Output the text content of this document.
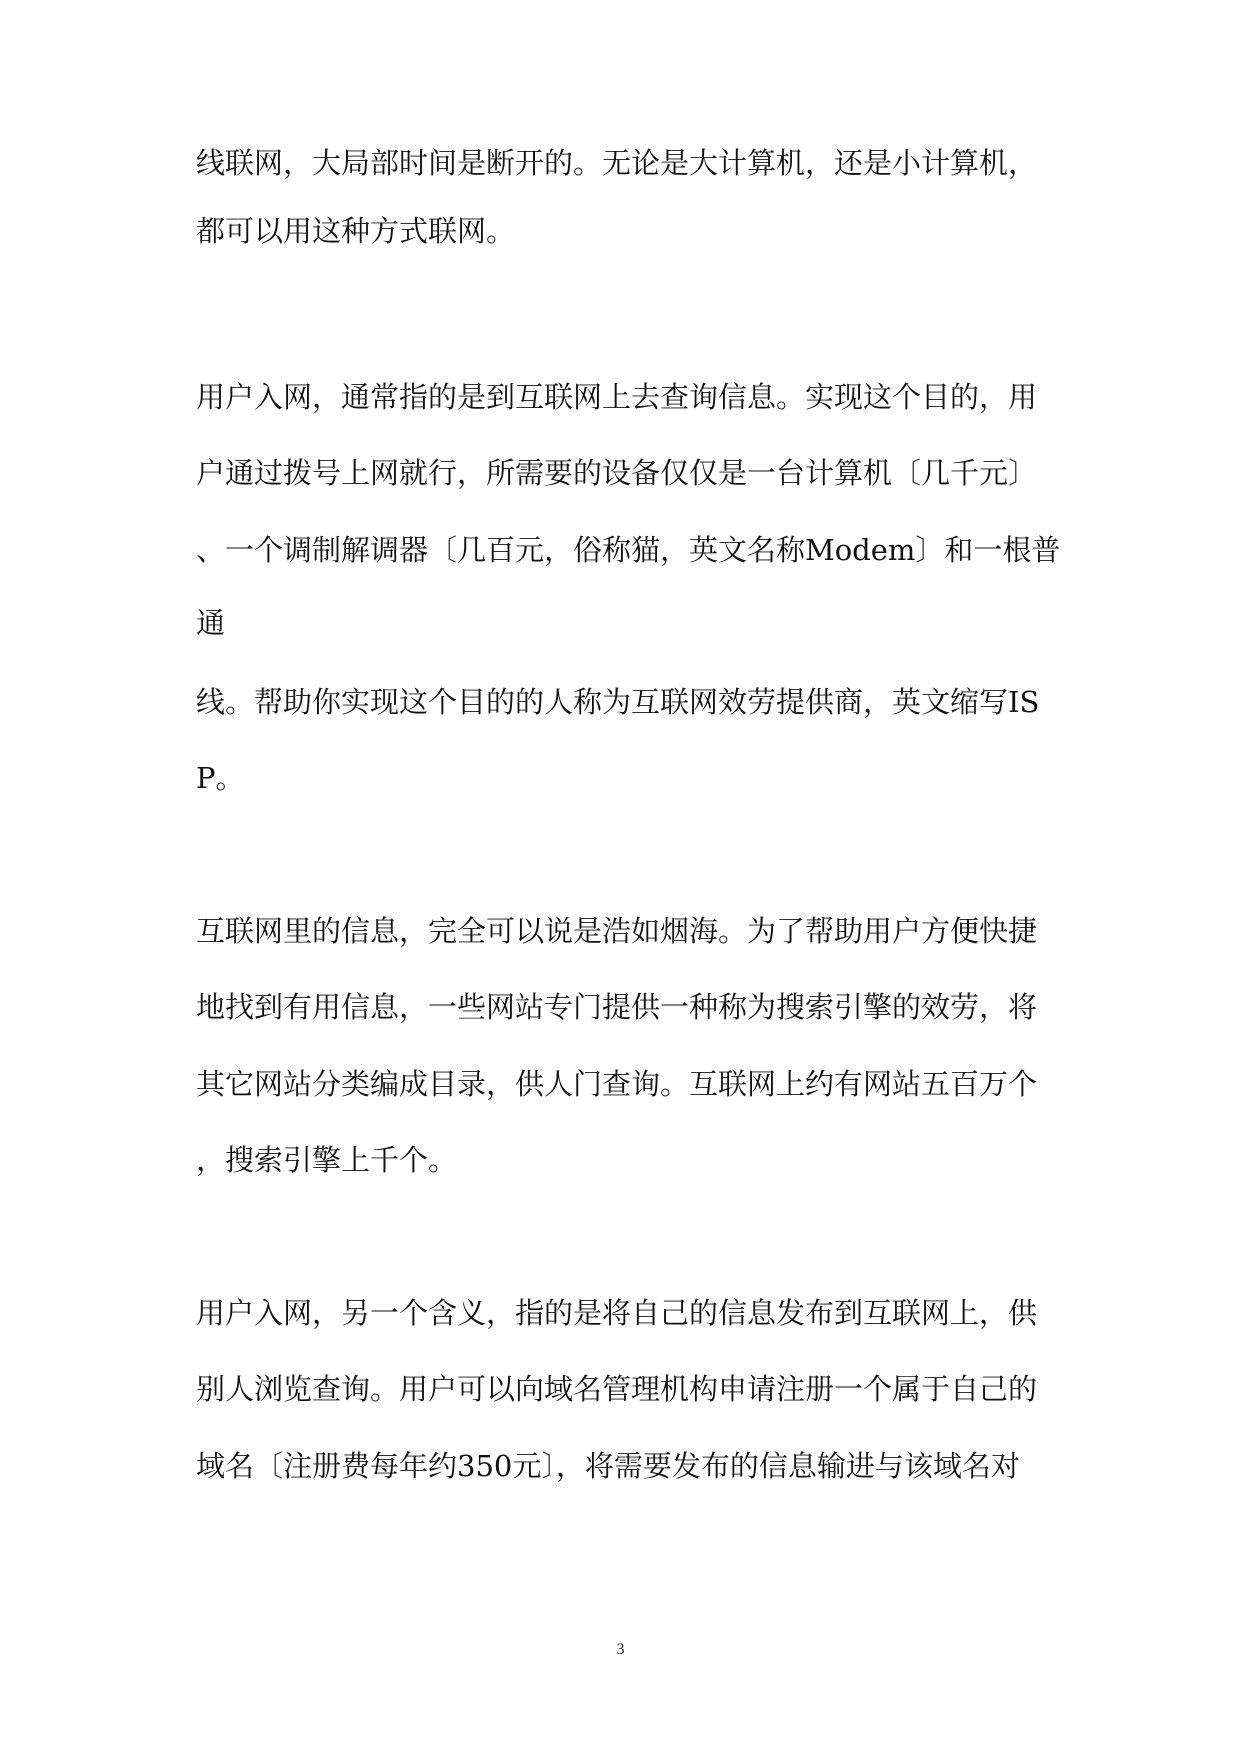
线联网，大局部时间是断开的。无论是大计算机，还是小计算机，
都可以用这种方式联网。
用户入网，通常指的是到互联网上去查询信息。实现这个目的，用
户通过拨号上网就行，所需要的设备仅仅是一台计算机〔几千元〕
、一个调制解调器〔几百元，俗称猫，英文名称Modem〕和一根普
通
线。帮助你实现这个目的的人称为互联网效劳提供商，英文缩写IS
P。
互联网里的信息，完全可以说是浩如烟海。为了帮助用户方便快捷
地找到有用信息，一些网站专门提供一种称为搜索引擎的效劳，将
其它网站分类编成目录，供人门查询。互联网上约有网站五百万个
，搜索引擎上千个。
用户入网，另一个含义，指的是将自己的信息发布到互联网上，供
别人浏览查询。用户可以向域名管理机构申请注册一个属于自己的
域名〔注册费每年约350元〕，将需要发布的信息输进与该域名对
3
